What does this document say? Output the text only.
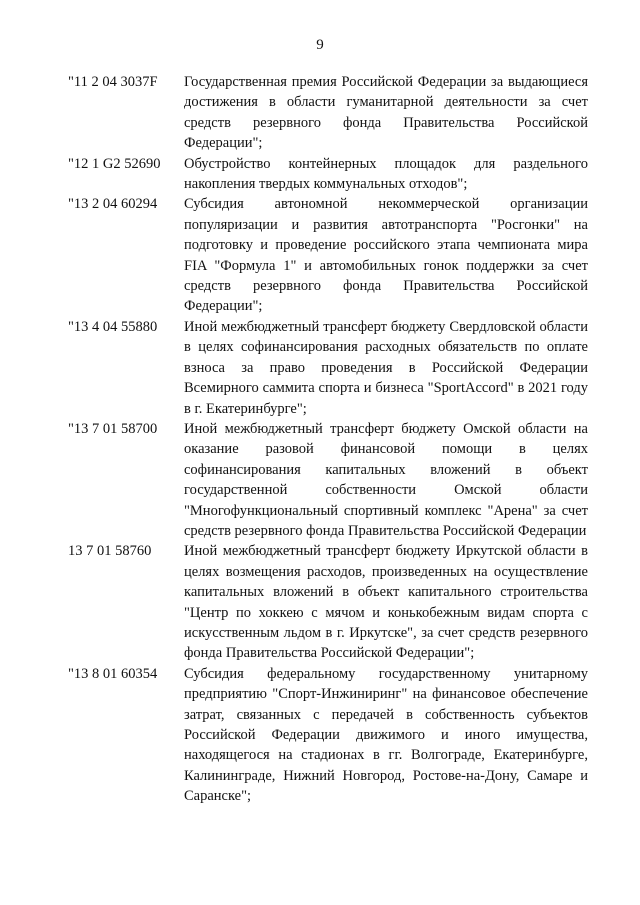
9
"11 2 04 3037F	Государственная премия Российской Федерации за выдающиеся достижения в области гуманитарной деятельности за счет средств резервного фонда Правительства Российской Федерации";
"12 1 G2 52690	Обустройство контейнерных площадок для раздельного накопления твердых коммунальных отходов";
"13 2 04 60294	Субсидия автономной некоммерческой организации популяризации и развития автотранспорта "Росгонки" на подготовку и проведение российского этапа чемпионата мира FIA "Формула 1" и автомобильных гонок поддержки за счет средств резервного фонда Правительства Российской Федерации";
"13 4 04 55880	Иной межбюджетный трансферт бюджету Свердловской области в целях софинансирования расходных обязательств по оплате взноса за право проведения в Российской Федерации Всемирного саммита спорта и бизнеса "SportAccord" в 2021 году в г. Екатеринбурге";
"13 7 01 58700	Иной межбюджетный трансферт бюджету Омской области на оказание разовой финансовой помощи в целях софинансирования капитальных вложений в объект государственной собственности Омской области "Многофункциональный спортивный комплекс "Арена" за счет средств резервного фонда Правительства Российской Федерации
13 7 01 58760	Иной межбюджетный трансферт бюджету Иркутской области в целях возмещения расходов, произведенных на осуществление капитальных вложений в объект капитального строительства "Центр по хоккею с мячом и конькобежным видам спорта с искусственным льдом в г. Иркутске", за счет средств резервного фонда Правительства Российской Федерации";
"13 8 01 60354	Субсидия федеральному государственному унитарному предприятию "Спорт-Инжиниринг" на финансовое обеспечение затрат, связанных с передачей в собственность субъектов Российской Федерации движимого и иного имущества, находящегося на стадионах в гг. Волгограде, Екатеринбурге, Калининграде, Нижний Новгород, Ростове-на-Дону, Самаре и Саранске";
